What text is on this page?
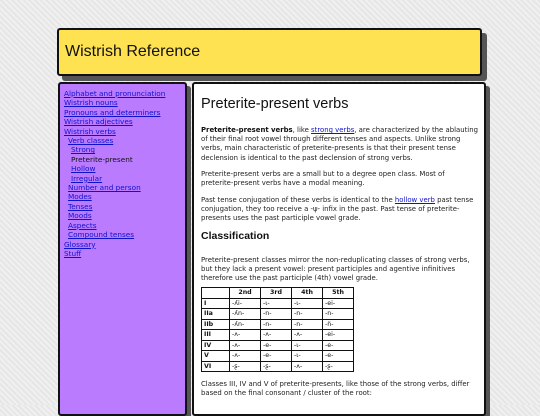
Wistrish Reference
Alphabet and pronunciation
Wistrish nouns
Pronouns and determiners
Wistrish adjectives
Wistrish verbs
Verb classes
Strong
Preterite-present
Hollow
Irregular
Number and person
Modes
Tenses
Moods
Aspects
Compound tenses
Glossary
Stuff
Preterite-present verbs

Preterite-present verbs, like strong verbs, are characterized by the ablauting of their final root vowel through different tenses and aspects. Unlike strong verbs, main characteristic of preterite-presents is that their present tense declension is identical to the past declension of strong verbs.

Preterite-present verbs are a small but to a degree open class. Most of preterite-present verbs have a modal meaning.

Past tense conjugation of these verbs is identical to the hollow verb past tense conjugation, they too receive a -ψ- infix in the past. Past tense of preterite-presents uses the past participle vowel grade.

Classification

Preterite-present classes mirror the non-reduplicating classes of strong verbs, but they lack a present vowel: present participles and agentive infinitives therefore use the past participle (4th) vowel grade.

	2nd	3rd	4th	5th
I	-ʎi-	-ι-	-ι-	-ei-
IIa	-ʎn-	-n-	-n-	-n-
IIb	-ʎn-	-n-	-n-	-n̈-
III	-ʌ-	-ʌ-	-ʌ-	-ei-
IV	-ʌ-	-e-	-ι-	-e-
V	-ʌ-	-e-	-ι-	-e-
VI	-ʂ-	-ʂ-	-ʌ-	-ʂ-

Classes III, IV and V of preterite-presents, like those of the strong verbs, differ based on the final consonant / cluster of the root:
